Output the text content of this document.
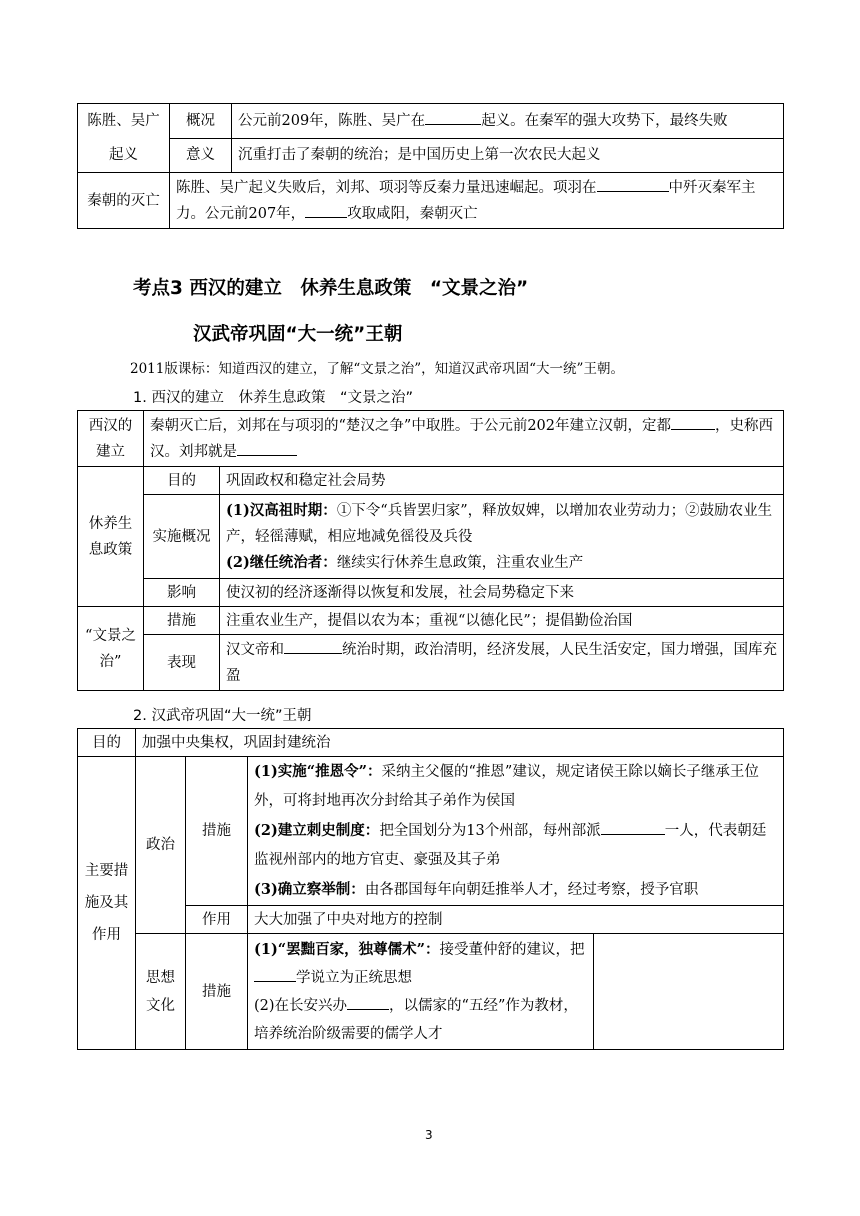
陈胜、吴广起义	概况	公元前209年，陈胜、吴广在 起义。在秦军的强大攻势下，最终失败
	意义	沉重打击了秦朝的统治；是中国历史上第一次农民大起义
秦朝的灭亡	陈胜、吴广起义失败后，刘邦、项羽等反秦力量迅速崛起。项羽在 中歼灭秦军主力。公元前207年， 攻取咸阳，秦朝灭亡	
考点3 西汉的建立　休养生息政策　“文景之治”
汉武帝巩固“大一统”王朝
2011版课标：知道西汉的建立，了解“文景之治”，知道汉武帝巩固“大一统”王朝。
1. 西汉的建立　休养生息政策　“文景之治”
西汉的建立	秦朝灭亡后，刘邦在与项羽的“楚汉之争”中取胜。于公元前202年建立汉朝，定都 ，史称西汉。刘邦就是	
休养生息政策	目的	巩固政权和稳定社会局势
	实施概况	(1)汉高祖时期：①下令“兵皆罢归家”，释放奴婢，以增加农业劳动力；②鼓励农业生产，轻徭薄赋，相应地减免徭役及兵役
(2)继任统治者：继续实行休养生息政策，注重农业生产
	影响	使汉初的经济逐渐得以恢复和发展，社会局势稳定下来
“文景之治”	措施	注重农业生产，提倡以农为本；重视“以德化民”；提倡勤俭治国
	表现	汉文帝和 统治时期，政治清明，经济发展，人民生活安定，国力增强，国库充盈
2. 汉武帝巩固“大一统”王朝
目的	加强中央集权，巩固封建统治			
主要措施及其作用	政治	措施	(1)实施“推恩令”：采纳主父偃的“推恩”建议，规定诸侯王除以嫡长子继承王位外，可将封地再次分封给其子弟作为侯国
(2)建立刺史制度：把全国划分为13个州部，每州部派 一人，代表朝廷监视州部内的地方官吏、豪强及其子弟
(3)确立察举制：由各郡国每年向朝廷推举人才，经过考察，授予官职	
		作用	大大加强了中央对地方的控制	
	思想文化	措施	(1)“罢黜百家，独尊儒术”：接受董仲舒的建议，把学说立为正统思想
(2)在长安兴办 ，以儒家的“五经”作为教材，培养统治阶级需要的儒学人才	
3
